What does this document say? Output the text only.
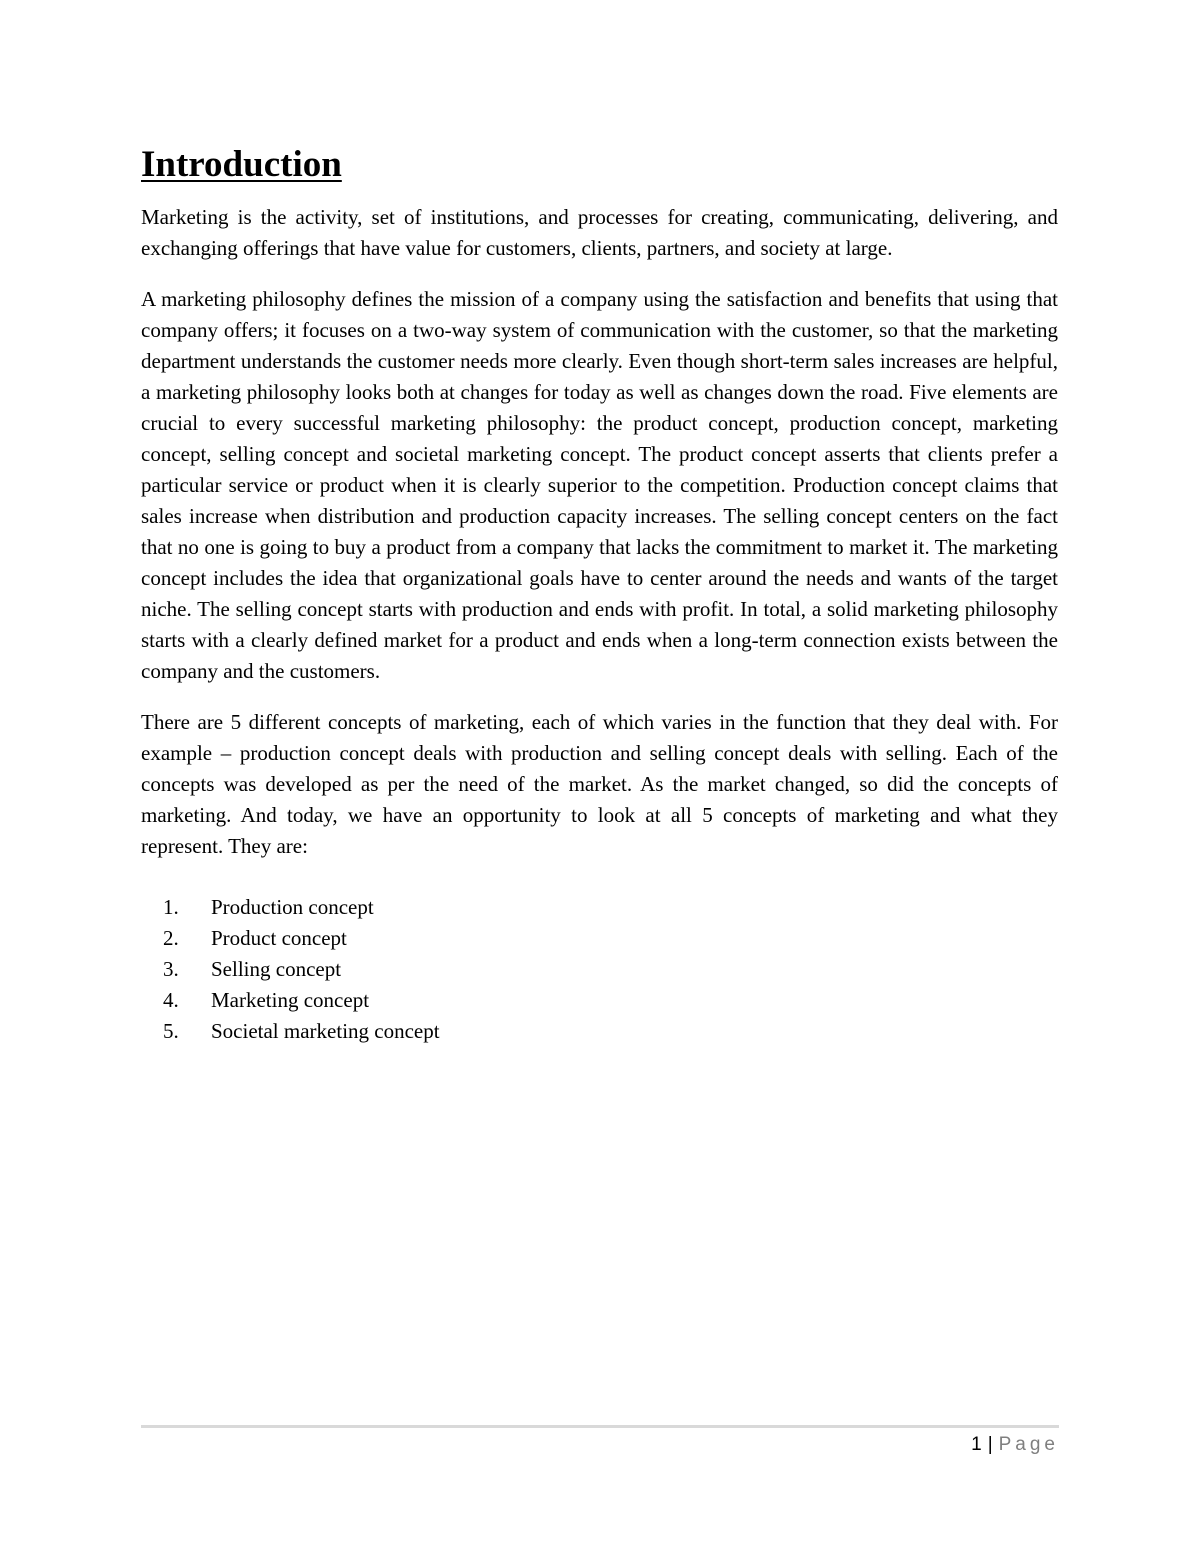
Introduction

Marketing is the activity, set of institutions, and processes for creating, communicating, delivering, and exchanging offerings that have value for customers, clients, partners, and society at large.

A marketing philosophy defines the mission of a company using the satisfaction and benefits that using that company offers; it focuses on a two-way system of communication with the customer, so that the marketing department understands the customer needs more clearly. Even though short-term sales increases are helpful, a marketing philosophy looks both at changes for today as well as changes down the road. Five elements are crucial to every successful marketing philosophy: the product concept, production concept, marketing concept, selling concept and societal marketing concept. The product concept asserts that clients prefer a particular service or product when it is clearly superior to the competition. Production concept claims that sales increase when distribution and production capacity increases. The selling concept centers on the fact that no one is going to buy a product from a company that lacks the commitment to market it. The marketing concept includes the idea that organizational goals have to center around the needs and wants of the target niche. The selling concept starts with production and ends with profit. In total, a solid marketing philosophy starts with a clearly defined market for a product and ends when a long-term connection exists between the company and the customers.

There are 5 different concepts of marketing, each of which varies in the function that they deal with. For example – production concept deals with production and selling concept deals with selling. Each of the concepts was developed as per the need of the market. As the market changed, so did the concepts of marketing. And today, we have an opportunity to look at all 5 concepts of marketing and what they represent. They are:

1.	Production concept
2.	Product concept
3.	Selling concept
4.	Marketing concept
5.	Societal marketing concept
1 | Page
